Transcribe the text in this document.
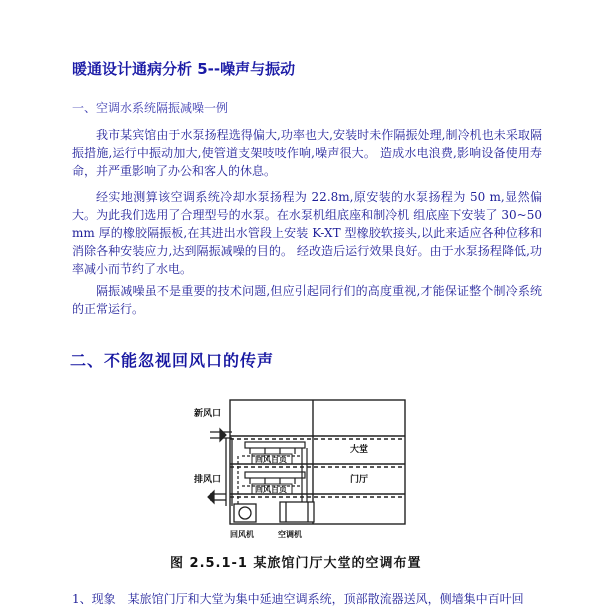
暖通设计通病分析 5--噪声与振动
一、空调水系统隔振减噪一例

我市某宾馆由于水泵扬程选得偏大,功率也大,安装时未作隔振处理,制冷机也未采取隔振措施,运行中振动加大,使管道支架吱吱作响,噪声很大。 造成水电浪费,影响设备使用寿命，并严重影响了办公和客人的休息。

经实地测算该空调系统冷却水泵扬程为 22.8m,原安装的水泵扬程为 50 m,显然偏大。为此我们选用了合理型号的水泵。在水泵机组底座和制冷机 组底座下安装了 30~50 mm 厚的橡胶隔振板,在其进出水管段上安装 K-XT 型橡胶软接头,以此来适应各种位移和消除各种安装应力,达到隔振减噪的目的。 经改造后运行效果良好。由于水泵扬程降低,功率减小而节约了水电。

隔振减噪虽不是重要的技术问题,但应引起同行们的高度重视,才能保证整个制冷系统的正常运行。

二、不能忽视回风口的传声
新风口
排风口
回风百页
回风百页
大堂
门厅
回风机	空调机
图 2.5.1-1 某旅馆门厅大堂的空调布置
1、现象　某旅馆门厅和大堂为集中延迪空调系统，顶部散流器送风，侧墙集中百叶回
